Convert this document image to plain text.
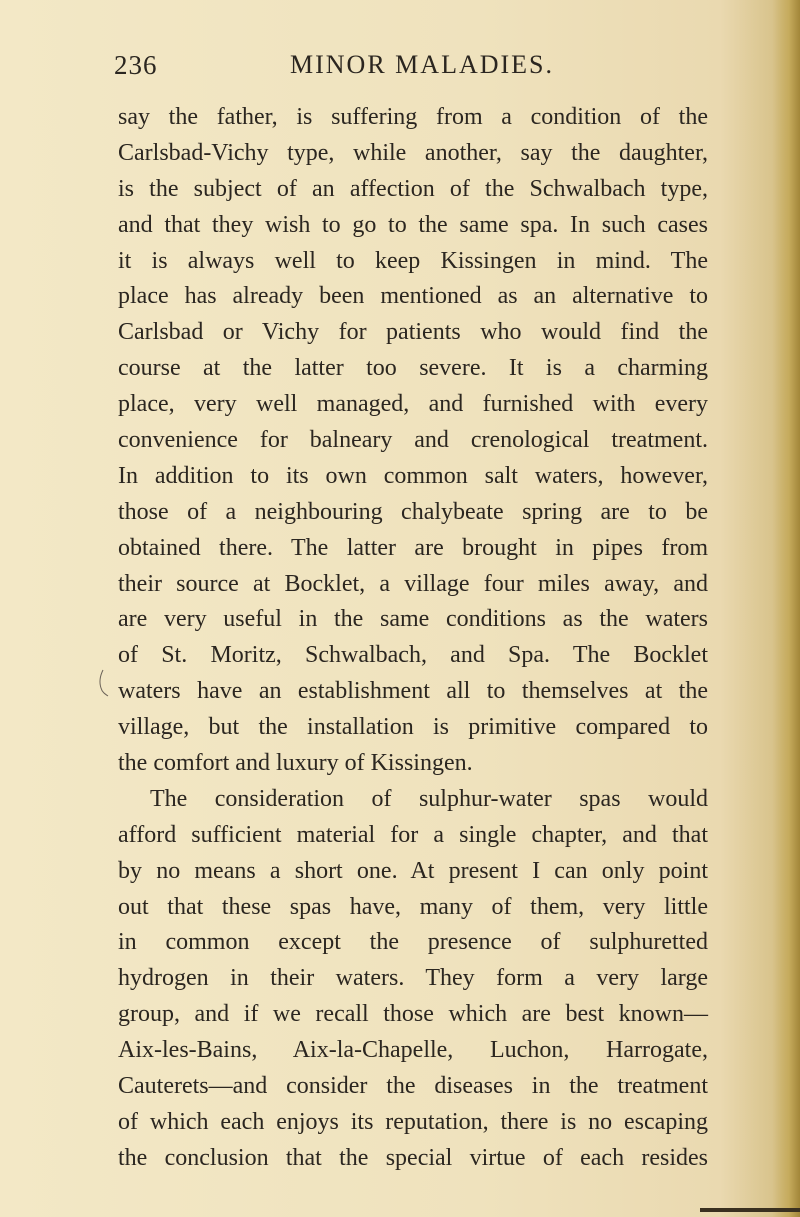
236	MINOR MALADIES.
say the father, is suffering from a condition of the
Carlsbad-Vichy type, while another, say the daughter,
is the subject of an affection of the Schwalbach type,
and that they wish to go to the same spa. In such cases
it is always well to keep Kissingen in mind. The
place has already been mentioned as an alternative to
Carlsbad or Vichy for patients who would find the
course at the latter too severe. It is a charming
place, very well managed, and furnished with every
convenience for balneary and crenological treatment.
In addition to its own common salt waters, however,
those of a neighbouring chalybeate spring are to be
obtained there. The latter are brought in pipes from
their source at Bocklet, a village four miles away, and
are very useful in the same conditions as the waters
of St. Moritz, Schwalbach, and Spa. The Bocklet
waters have an establishment all to themselves at the
village, but the installation is primitive compared to
the comfort and luxury of Kissingen.
The consideration of sulphur-water spas would
afford sufficient material for a single chapter, and that
by no means a short one. At present I can only point
out that these spas have, many of them, very little
in common except the presence of sulphuretted
hydrogen in their waters. They form a very large
group, and if we recall those which are best known—
Aix-les-Bains, Aix-la-Chapelle, Luchon, Harrogate,
Cauterets—and consider the diseases in the treatment
of which each enjoys its reputation, there is no escaping
the conclusion that the special virtue of each resides
